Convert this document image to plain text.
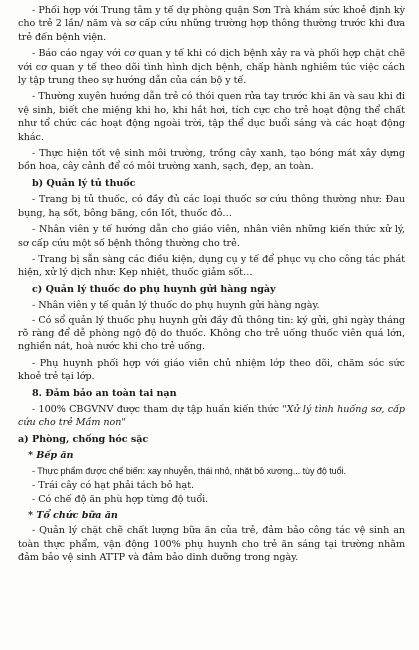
- Phối hợp với Trung tâm y tế dự phòng quận Sơn Trà khám sức khoẻ định kỳ cho trẻ 2 lần/ năm và sơ cấp cứu những trường hợp thông thường trước khi đưa trẻ đến bệnh viện.

- Báo cáo ngay với cơ quan y tế khi có dịch bệnh xảy ra và phối hợp chặt chẽ với cơ quan y tế theo dõi tình hình dịch bệnh, chấp hành nghiêm túc việc cách ly tập trung theo sự hướng dẫn của cán bộ y tế.

- Thường xuyên hướng dẫn trẻ có thói quen rửa tay trước khi ăn và sau khi đi vệ sinh, biết che miệng khi ho, khi hắt hơi, tích cực cho trẻ hoạt động thể chất như tổ chức các hoạt động ngoài trời, tập thể dục buổi sáng và các hoạt động khác.

- Thực hiện tốt vệ sinh môi trường, trồng cây xanh, tạo bóng mát xây dựng bồn hoa, cây cảnh để có môi trường xanh, sạch, đẹp, an toàn.

b) Quản lý tủ thuốc

- Trang bị tủ thuốc, có đầy đủ các loại thuốc sơ cứu thông thường như: Đau bụng, hạ sốt, bông băng, cồn Iốt, thuốc đỏ…

- Nhân viên y tế hướng dẫn cho giáo viên, nhân viên những kiến thức xử lý, sơ cấp cứu một số bệnh thông thường cho trẻ.

- Trang bị sẵn sàng các điều kiện, dụng cụ y tế để phục vụ cho công tác phát hiện, xử lý dịch như: Kẹp nhiệt, thuốc giảm sốt…

c) Quản lý thuốc do phụ huynh gửi hàng ngày

- Nhân viên y tế quản lý thuốc do phụ huynh gửi hàng ngày.

- Có sổ quản lý thuốc phụ huynh gửi đầy đủ thông tin: ký gửi, ghi ngày tháng rõ ràng để dễ phòng ngộ độ do thuốc. Không cho trẻ uống thuốc viên quá lớn, nghiền nát, hoà nước khi cho trẻ uống.

- Phụ huynh phối hợp với giáo viên chủ nhiệm lớp theo dõi, chăm sóc sức khoẻ trẻ tại lớp.

8. Đảm bảo an toàn tai nạn

- 100% CBGVNV được tham dự tập huấn kiến thức "Xử lý tình huống sơ, cấp cứu cho trẻ Mầm non"

a) Phòng, chống hóc sặc

* Bếp ăn

- Thực phẩm được chế biến: xay nhuyễn, thái nhỏ, nhặt bỏ xương... tùy độ tuổi.

- Trái cây có hạt phải tách bỏ hạt.

- Có chế độ ăn phù hợp từng độ tuổi.

* Tổ chức bữa ăn

- Quản lý chặt chẽ chất lượng bữa ăn của trẻ, đảm bảo công tác vệ sinh an toàn thực phẩm, vận động 100% phụ huynh cho trẻ ăn sáng tại trường nhằm đảm bảo vệ sinh ATTP và đảm bảo dinh dưỡng trong ngày.
